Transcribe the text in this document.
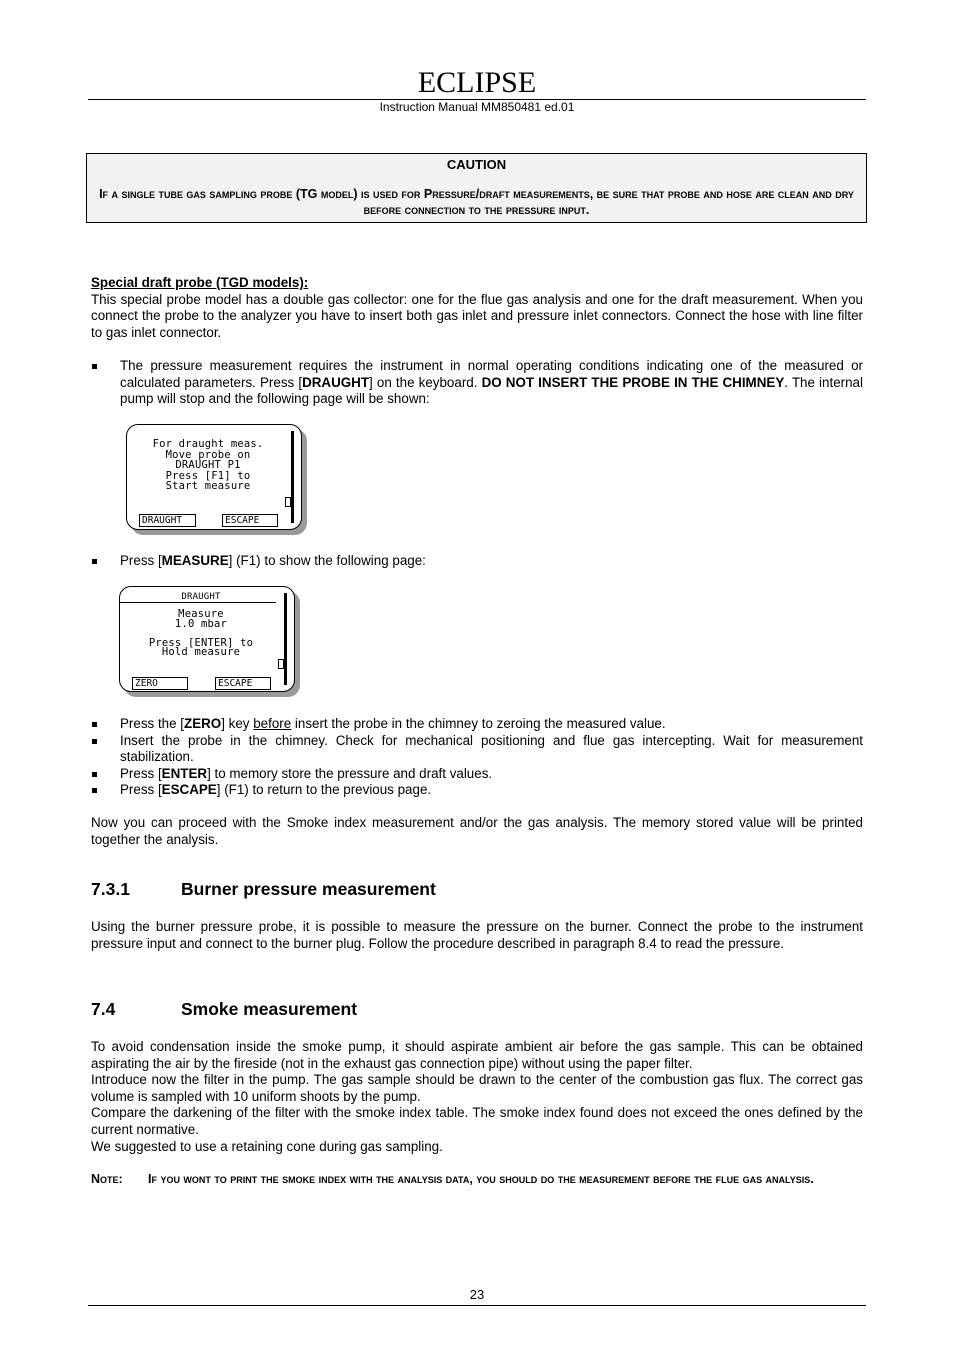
ECLIPSE
Instruction Manual MM850481 ed.01
CAUTION
If a single tube gas sampling probe (TG model) is used for Pressure/draft measurements, be sure that probe and hose are clean and dry before connection to the pressure input.

Special draft probe (TGD models):

This special probe model has a double gas collector: one for the flue gas analysis and one for the draft measurement. When you connect the probe to the analyzer you have to insert both gas inlet and pressure inlet connectors. Connect the hose with line filter to gas inlet connector.

The pressure measurement requires the instrument in normal operating conditions indicating one of the measured or calculated parameters. Press [DRAUGHT] on the keyboard. DO NOT INSERT THE PROBE IN THE CHIMNEY. The internal pump will stop and the following page will be shown:
For draught meas.
Move probe on
DRAUGHT P1
Press [F1] to
Start measure
DRAUGHT	ESCAPE
Press [MEASURE] (F1) to show the following page:
DRAUGHT
Measure
1.0 mbar

Press [ENTER] to
Hold measure
ZERO	ESCAPE
Press the [ZERO] key before insert the probe in the chimney to zeroing the measured value.
Insert the probe in the chimney. Check for mechanical positioning and flue gas intercepting. Wait for measurement stabilization.
Press [ENTER] to memory store the pressure and draft values.
Press [ESCAPE] (F1) to return to the previous page.

Now you can proceed with the Smoke index measurement and/or the gas analysis. The memory stored value will be printed together the analysis.

7.3.1	Burner pressure measurement

Using the burner pressure probe, it is possible to measure the pressure on the burner. Connect the probe to the instrument pressure input and connect to the burner plug. Follow the procedure described in paragraph 8.4 to read the pressure.

7.4	Smoke measurement

To avoid condensation inside the smoke pump, it should aspirate ambient air before the gas sample. This can be obtained aspirating the air by the fireside (not in the exhaust gas connection pipe) without using the paper filter.

Introduce now the filter in the pump. The gas sample should be drawn to the center of the combustion gas flux. The correct gas volume is sampled with 10 uniform shoots by the pump.

Compare the darkening of the filter with the smoke index table. The smoke index found does not exceed the ones defined by the current normative.

We suggested to use a retaining cone during gas sampling.

Note: If you wont to print the smoke index with the analysis data, you should do the measurement before the flue gas analysis.
23
